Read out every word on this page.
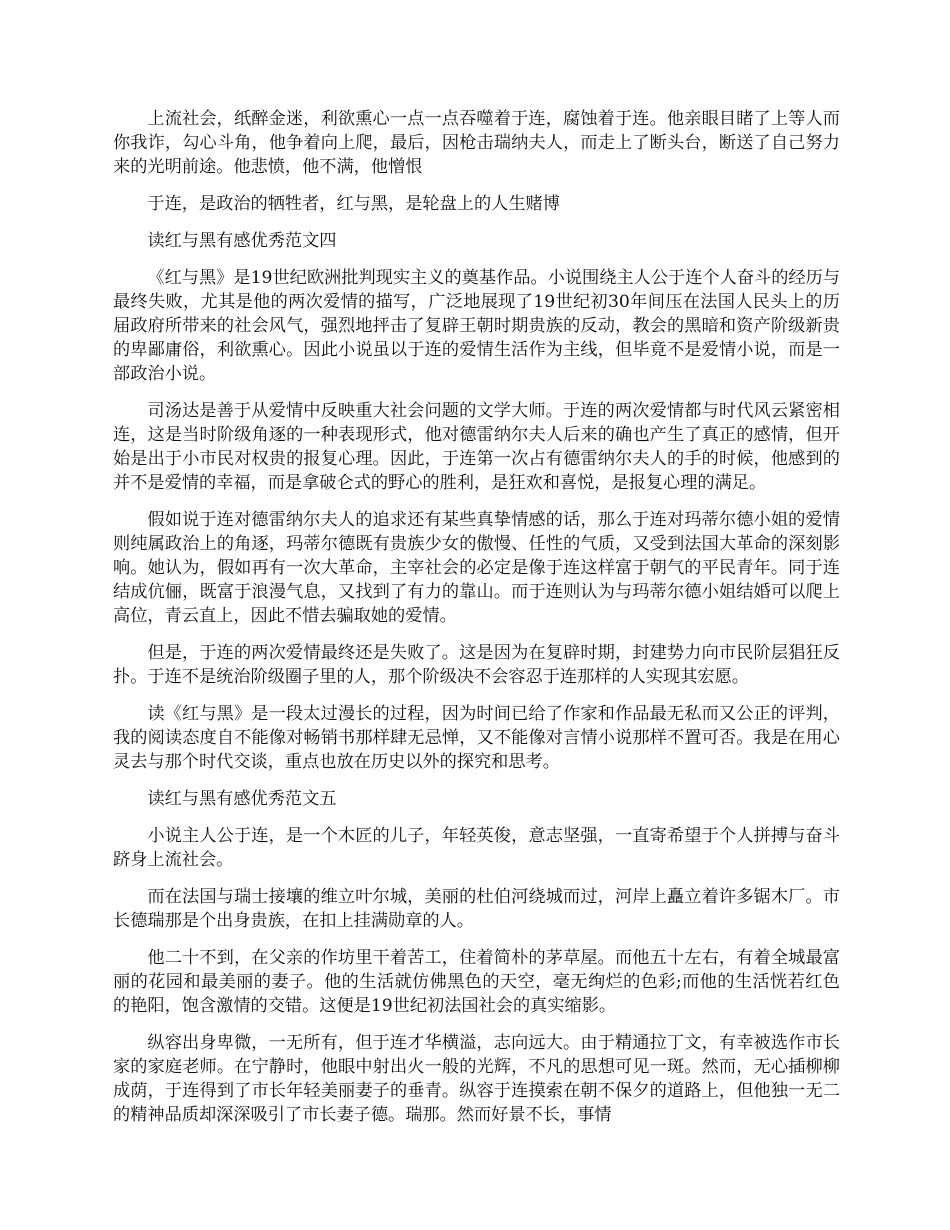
上流社会，纸醉金迷，利欲熏心一点一点吞噬着于连，腐蚀着于连。他亲眼目睹了上等人而你我诈，勾心斗角，他争着向上爬，最后，因枪击瑞纳夫人，而走上了断头台，断送了自己努力来的光明前途。他悲愤，他不满，他憎恨

于连，是政治的牺牲者，红与黑，是轮盘上的人生赌博

读红与黑有感优秀范文四

《红与黑》是19世纪欧洲批判现实主义的奠基作品。小说围绕主人公于连个人奋斗的经历与最终失败，尤其是他的两次爱情的描写，广泛地展现了19世纪初30年间压在法国人民头上的历届政府所带来的社会风气，强烈地抨击了复辟王朝时期贵族的反动，教会的黑暗和资产阶级新贵的卑鄙庸俗，利欲熏心。因此小说虽以于连的爱情生活作为主线，但毕竟不是爱情小说，而是一部政治小说。

司汤达是善于从爱情中反映重大社会问题的文学大师。于连的两次爱情都与时代风云紧密相连，这是当时阶级角逐的一种表现形式，他对德雷纳尔夫人后来的确也产生了真正的感情，但开始是出于小市民对权贵的报复心理。因此，于连第一次占有德雷纳尔夫人的手的时候，他感到的并不是爱情的幸福，而是拿破仑式的野心的胜利，是狂欢和喜悦，是报复心理的满足。

假如说于连对德雷纳尔夫人的追求还有某些真挚情感的话，那么于连对玛蒂尔德小姐的爱情则纯属政治上的角逐，玛蒂尔德既有贵族少女的傲慢、任性的气质，又受到法国大革命的深刻影响。她认为，假如再有一次大革命，主宰社会的必定是像于连这样富于朝气的平民青年。同于连结成伉俪，既富于浪漫气息，又找到了有力的靠山。而于连则认为与玛蒂尔德小姐结婚可以爬上高位，青云直上，因此不惜去骗取她的爱情。

但是，于连的两次爱情最终还是失败了。这是因为在复辟时期，封建势力向市民阶层猖狂反扑。于连不是统治阶级圈子里的人，那个阶级决不会容忍于连那样的人实现其宏愿。

读《红与黑》是一段太过漫长的过程，因为时间已给了作家和作品最无私而又公正的评判，我的阅读态度自不能像对畅销书那样肆无忌惮，又不能像对言情小说那样不置可否。我是在用心灵去与那个时代交谈，重点也放在历史以外的探究和思考。

读红与黑有感优秀范文五

小说主人公于连，是一个木匠的儿子，年轻英俊，意志坚强，一直寄希望于个人拼搏与奋斗跻身上流社会。

而在法国与瑞士接壤的维立叶尔城，美丽的杜伯河绕城而过，河岸上矗立着许多锯木厂。市长德瑞那是个出身贵族，在扣上挂满勋章的人。

他二十不到，在父亲的作坊里干着苦工，住着简朴的茅草屋。而他五十左右，有着全城最富丽的花园和最美丽的妻子。他的生活就仿佛黑色的天空，毫无绚烂的色彩;而他的生活恍若红色的艳阳，饱含激情的交错。这便是19世纪初法国社会的真实缩影。

纵容出身卑微，一无所有，但于连才华横溢，志向远大。由于精通拉丁文，有幸被选作市长家的家庭老师。在宁静时，他眼中射出火一般的光辉，不凡的思想可见一斑。然而，无心插柳柳成荫，于连得到了市长年轻美丽妻子的垂青。纵容于连摸索在朝不保夕的道路上，但他独一无二的精神品质却深深吸引了市长妻子德。瑞那。然而好景不长，事情
